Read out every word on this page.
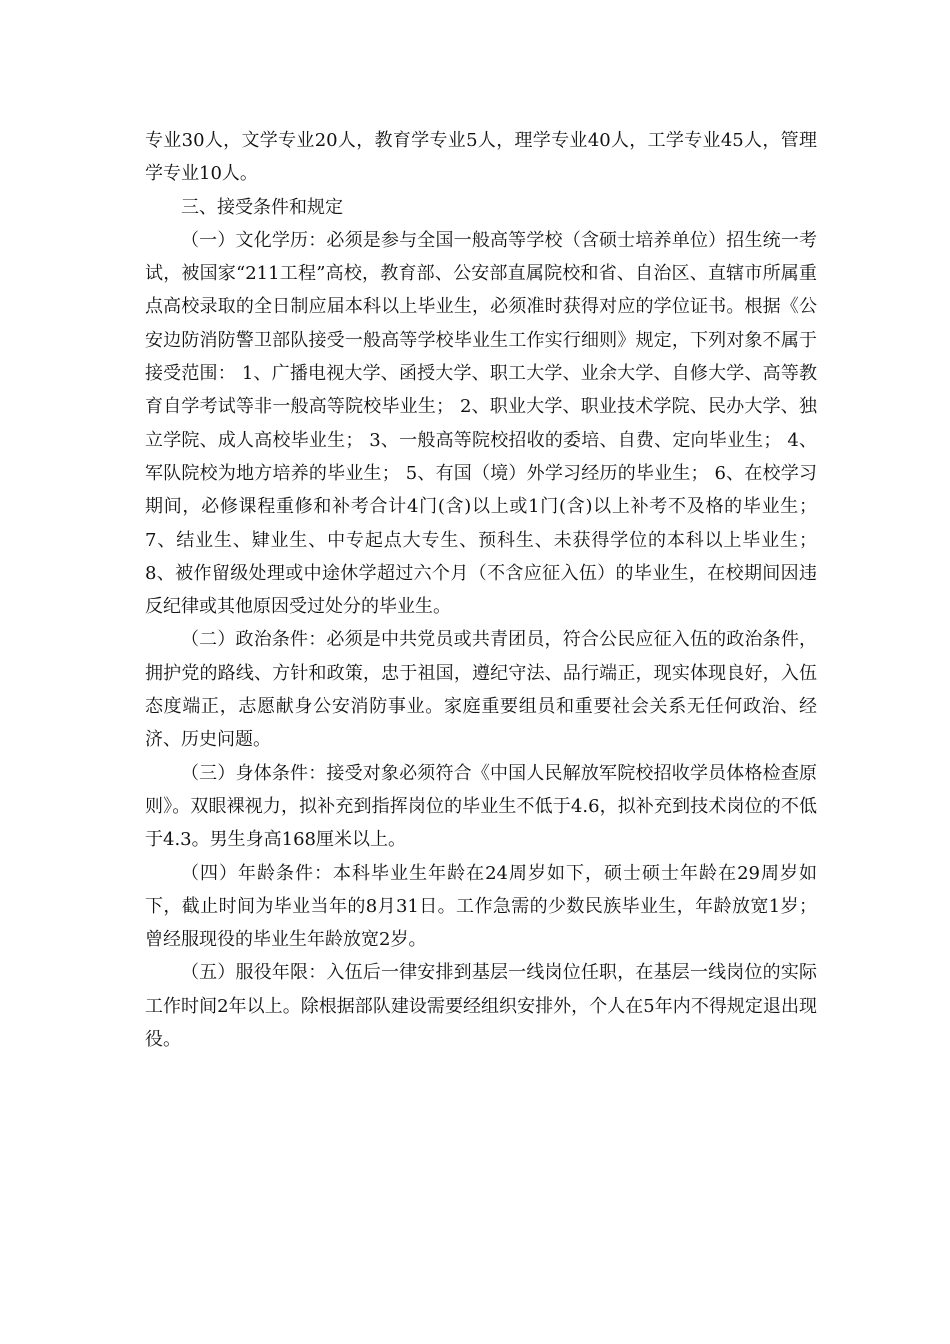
专业30人，文学专业20人，教育学专业5人，理学专业40人，工学专业45人，管理学专业10人。

三、接受条件和规定

（一）文化学历：必须是参与全国一般高等学校（含硕士培养单位）招生统一考试，被国家“211工程”高校，教育部、公安部直属院校和省、自治区、直辖市所属重点高校录取的全日制应届本科以上毕业生，必须准时获得对应的学位证书。根据《公安边防消防警卫部队接受一般高等学校毕业生工作实行细则》规定，下列对象不属于接受范围： 1、广播电视大学、函授大学、职工大学、业余大学、自修大学、高等教育自学考试等非一般高等院校毕业生； 2、职业大学、职业技术学院、民办大学、独立学院、成人高校毕业生； 3、一般高等院校招收的委培、自费、定向毕业生； 4、军队院校为地方培养的毕业生； 5、有国（境）外学习经历的毕业生； 6、在校学习期间，必修课程重修和补考合计4门(含)以上或1门(含)以上补考不及格的毕业生； 7、结业生、肄业生、中专起点大专生、预科生、未获得学位的本科以上毕业生； 8、被作留级处理或中途休学超过六个月（不含应征入伍）的毕业生，在校期间因违反纪律或其他原因受过处分的毕业生。

（二）政治条件：必须是中共党员或共青团员，符合公民应征入伍的政治条件，拥护党的路线、方针和政策，忠于祖国，遵纪守法、品行端正，现实体现良好，入伍态度端正，志愿献身公安消防事业。家庭重要组员和重要社会关系无任何政治、经济、历史问题。

（三）身体条件：接受对象必须符合《中国人民解放军院校招收学员体格检查原则》。双眼裸视力，拟补充到指挥岗位的毕业生不低于4.6，拟补充到技术岗位的不低于4.3。男生身高168厘米以上。

（四）年龄条件：本科毕业生年龄在24周岁如下，硕士硕士年龄在29周岁如下，截止时间为毕业当年的8月31日。工作急需的少数民族毕业生，年龄放宽1岁；曾经服现役的毕业生年龄放宽2岁。

（五）服役年限：入伍后一律安排到基层一线岗位任职，在基层一线岗位的实际工作时间2年以上。除根据部队建设需要经组织安排外，个人在5年内不得规定退出现役。
